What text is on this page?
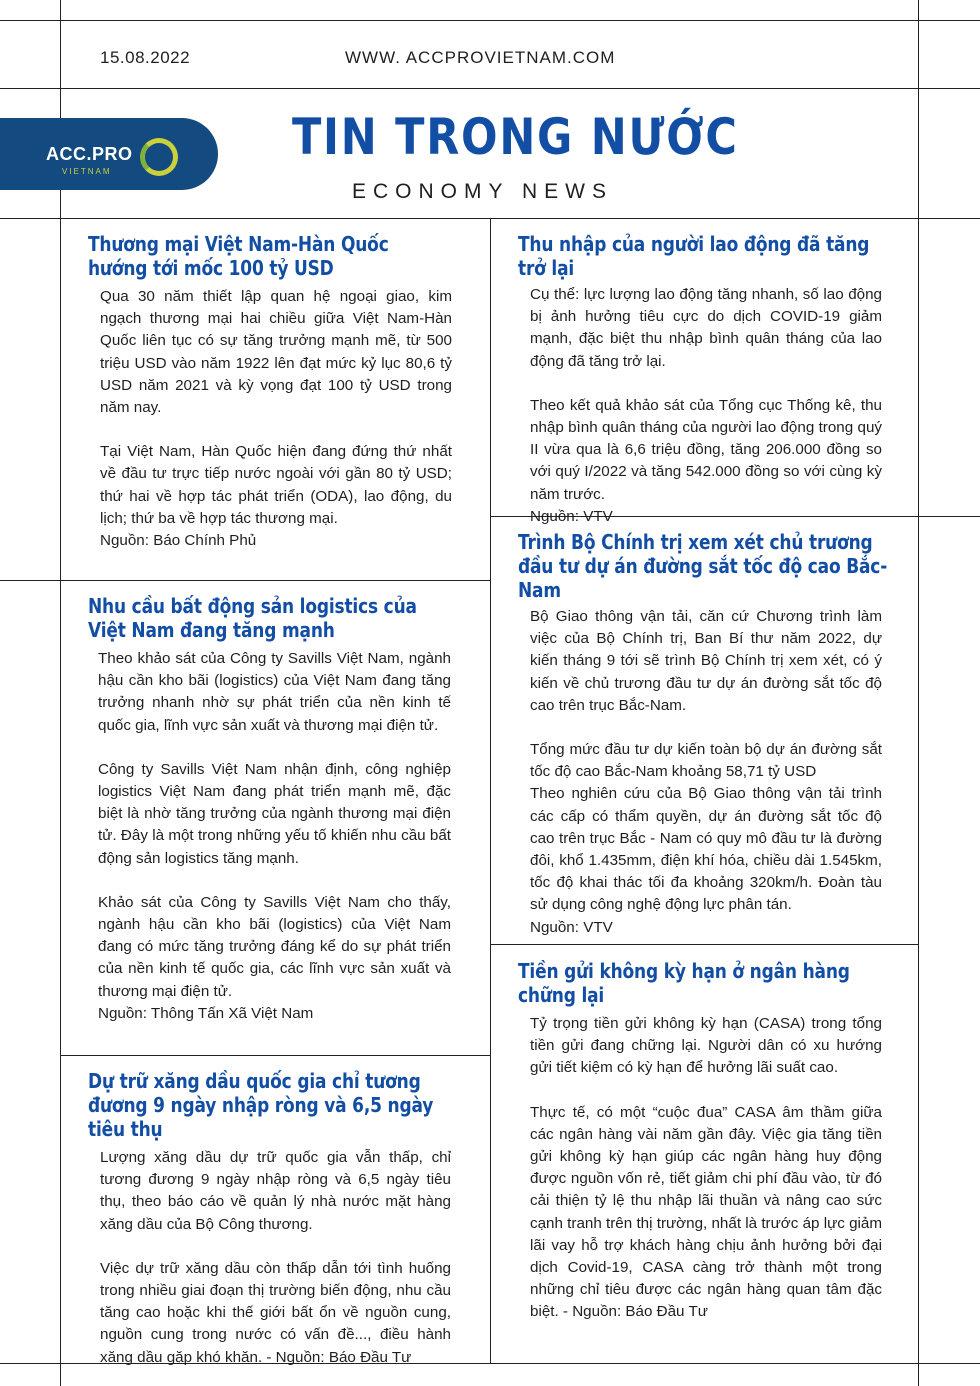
15.08.2022	WWW. ACCPROVIETNAM.COM
ACC.PRO
VIETNAM
TIN TRONG NƯỚC
ECONOMY NEWS
Thương mại Việt Nam-Hàn Quốc hướng tới mốc 100 tỷ USD

Qua 30 năm thiết lập quan hệ ngoại giao, kim ngạch thương mại hai chiều giữa Việt Nam-Hàn Quốc liên tục có sự tăng trưởng mạnh mẽ, từ 500 triệu USD vào năm 1922 lên đạt mức kỷ lục 80,6 tỷ USD năm 2021 và kỳ vọng đạt 100 tỷ USD trong năm nay.

Tại Việt Nam, Hàn Quốc hiện đang đứng thứ nhất về đầu tư trực tiếp nước ngoài với gần 80 tỷ USD; thứ hai về hợp tác phát triển (ODA), lao động, du lịch; thứ ba về hợp tác thương mại.

Nguồn: Báo Chính Phủ

Nhu cầu bất động sản logistics của Việt Nam đang tăng mạnh

Theo khảo sát của Công ty Savills Việt Nam, ngành hậu cần kho bãi (logistics) của Việt Nam đang tăng trưởng nhanh nhờ sự phát triển của nền kinh tế quốc gia, lĩnh vực sản xuất và thương mại điện tử.

Công ty Savills Việt Nam nhận định, công nghiệp logistics Việt Nam đang phát triển mạnh mẽ, đặc biệt là nhờ tăng trưởng của ngành thương mại điện tử. Đây là một trong những yếu tố khiến nhu cầu bất động sản logistics tăng mạnh.

Khảo sát của Công ty Savills Việt Nam cho thấy, ngành hậu cần kho bãi (logistics) của Việt Nam đang có mức tăng trưởng đáng kể do sự phát triển của nền kinh tế quốc gia, các lĩnh vực sản xuất và thương mại điện tử.

Nguồn: Thông Tấn Xã Việt Nam

Dự trữ xăng dầu quốc gia chỉ tương đương 9 ngày nhập ròng và 6,5 ngày tiêu thụ

Lượng xăng dầu dự trữ quốc gia vẫn thấp, chỉ tương đương 9 ngày nhập ròng và 6,5 ngày tiêu thụ, theo báo cáo về quản lý nhà nước mặt hàng xăng dầu của Bộ Công thương.

Việc dự trữ xăng dầu còn thấp dẫn tới tình huống trong nhiều giai đoạn thị trường biến động, nhu cầu tăng cao hoặc khi thế giới bất ổn về nguồn cung, nguồn cung trong nước có vấn đề..., điều hành xăng dầu gặp khó khăn. - Nguồn: Báo Đầu Tư

Thu nhập của người lao động đã tăng trở lại

Cụ thể: lực lượng lao động tăng nhanh, số lao động bị ảnh hưởng tiêu cực do dịch COVID-19 giảm mạnh, đặc biệt thu nhập bình quân tháng của lao động đã tăng trở lại.

Theo kết quả khảo sát của Tổng cục Thống kê, thu nhập bình quân tháng của người lao động trong quý II vừa qua là 6,6 triệu đồng, tăng 206.000 đồng so với quý I/2022 và tăng 542.000 đồng so với cùng kỳ năm trước.

Nguồn: VTV

Trình Bộ Chính trị xem xét chủ trương đầu tư dự án đường sắt tốc độ cao Bắc-Nam

Bộ Giao thông vận tải, căn cứ Chương trình làm việc của Bộ Chính trị, Ban Bí thư năm 2022, dự kiến tháng 9 tới sẽ trình Bộ Chính trị xem xét, có ý kiến về chủ trương đầu tư dự án đường sắt tốc độ cao trên trục Bắc-Nam.

Tổng mức đầu tư dự kiến toàn bộ dự án đường sắt tốc độ cao Bắc-Nam khoảng 58,71 tỷ USD

Theo nghiên cứu của Bộ Giao thông vận tải trình các cấp có thẩm quyền, dự án đường sắt tốc độ cao trên trục Bắc - Nam có quy mô đầu tư là đường đôi, khổ 1.435mm, điện khí hóa, chiều dài 1.545km, tốc độ khai thác tối đa khoảng 320km/h. Đoàn tàu sử dụng công nghệ động lực phân tán.

Nguồn: VTV

Tiền gửi không kỳ hạn ở ngân hàng chững lại

Tỷ trọng tiền gửi không kỳ hạn (CASA) trong tổng tiền gửi đang chững lại. Người dân có xu hướng gửi tiết kiệm có kỳ hạn để hưởng lãi suất cao.

Thực tế, có một “cuộc đua” CASA âm thầm giữa các ngân hàng vài năm gần đây. Việc gia tăng tiền gửi không kỳ hạn giúp các ngân hàng huy động được nguồn vốn rẻ, tiết giảm chi phí đầu vào, từ đó cải thiện tỷ lệ thu nhập lãi thuần và nâng cao sức cạnh tranh trên thị trường, nhất là trước áp lực giảm lãi vay hỗ trợ khách hàng chịu ảnh hưởng bởi đại dịch Covid-19, CASA càng trở thành một trong những chỉ tiêu được các ngân hàng quan tâm đặc biệt. - Nguồn: Báo Đầu Tư
